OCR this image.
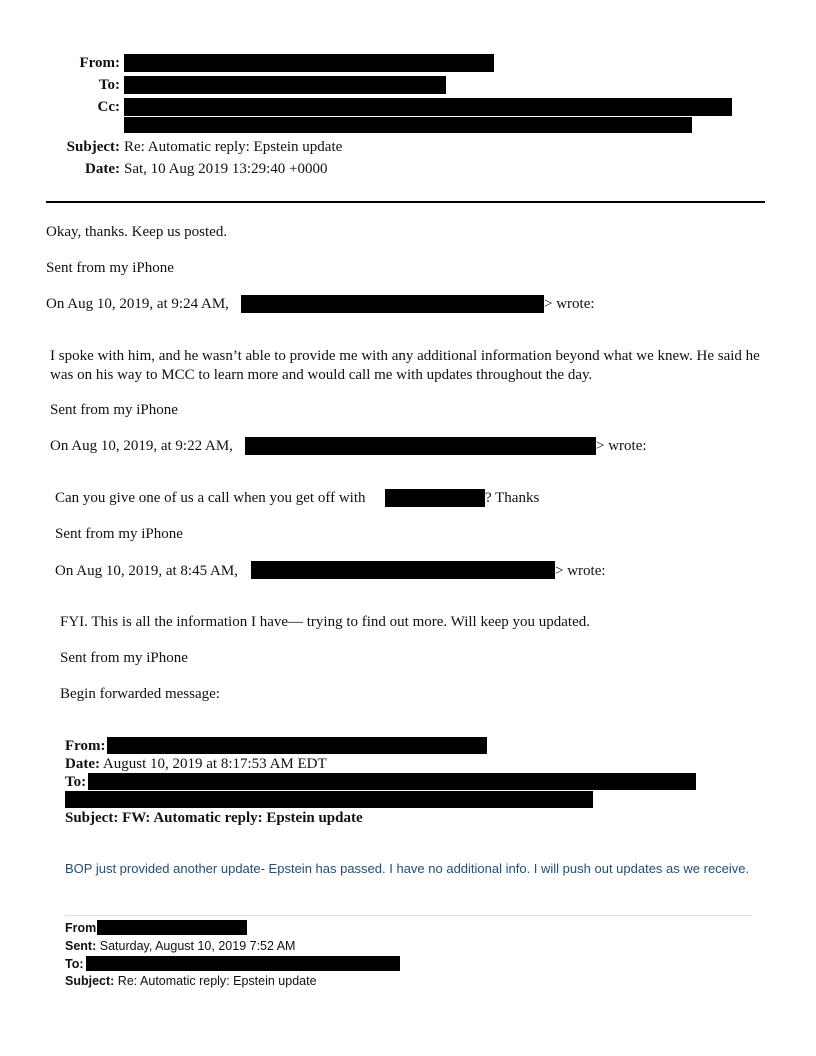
From:
To:
Cc:
Subject: Re: Automatic reply: Epstein update
Date: Sat, 10 Aug 2019 13:29:40 +0000
Okay, thanks. Keep us posted.
Sent from my iPhone
On Aug 10, 2019, at 9:24 AM,	> wrote:
I spoke with him, and he wasn’t able to provide me with any additional information beyond what we knew. He said he was on his way to MCC to learn more and would call me with updates throughout the day.
Sent from my iPhone
On Aug 10, 2019, at 9:22 AM,	> wrote:
Can you give one of us a call when you get off with	? Thanks
Sent from my iPhone
On Aug 10, 2019, at 8:45 AM,	> wrote:
FYI. This is all the information I have— trying to find out more. Will keep you updated.
Sent from my iPhone
Begin forwarded message:
From:
Date: August 10, 2019 at 8:17:53 AM EDT
To:
Subject: FW: Automatic reply: Epstein update
BOP just provided another update- Epstein has passed. I have no additional info. I will push out updates as we receive.
From
Sent: Saturday, August 10, 2019 7:52 AM
To:
Subject: Re: Automatic reply: Epstein update
